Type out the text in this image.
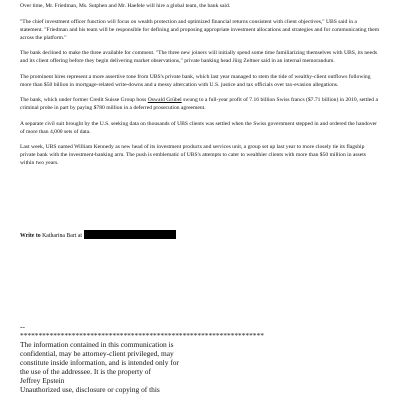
Over time, Mr. Friedman, Ms. Sutphen and Mr. Haefele will hire a global team, the bank said.

"The chief investment officer function will focus on wealth protection and optimized financial returns consistent with client objectives," UBS said in a statement. "Friedman and his team will be responsible for defining and proposing appropriate investment allocations and strategies and for communicating them across the platform."

The bank declined to make the three available for comment. "The three new joiners will initially spend some time familiarizing themselves with UBS, its needs and its client offering before they begin delivering market observations," private banking head Jürg Zeltner said in an internal memorandum.

The prominent hires represent a more assertive tone from UBS's private bank, which last year managed to stem the tide of wealthy-client outflows following more than $50 billion in mortgage-related write-downs and a messy altercation with U.S. justice and tax officials over tax-evasion allegations.

The bank, which under former Credit Suisse Group boss Oswald Grübel swung to a full-year profit of 7.16 billion Swiss francs ($7.71 billion) in 2010, settled a criminal probe in part by paying $780 million in a deferred prosecution agreement.

A separate civil suit brought by the U.S. seeking data on thousands of UBS clients was settled when the Swiss government stepped in and ordered the handover of more than 4,000 sets of data.

Last week, UBS named William Kennedy as new head of its investment products and services unit, a group set up last year to more closely tie its flagship private bank with the investment-banking arm. The push is emblematic of UBS's attempts to cater to wealthier clients with more than $50 million in assets within two years.

Write to Katharina Bart at
--
******************************************************************
The information contained in this communication is
confidential, may be attorney-client privileged, may
constitute inside information, and is intended only for
the use of the addressee. It is the property of
Jeffrey Epstein
Unauthorized use, disclosure or copying of this
